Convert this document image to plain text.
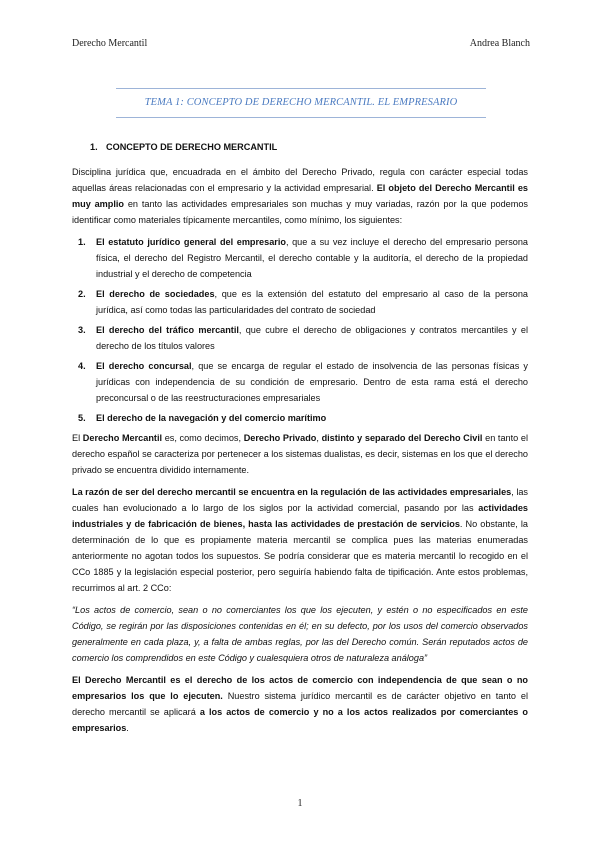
Derecho Mercantil	Andrea Blanch
TEMA 1: CONCEPTO DE DERECHO MERCANTIL. EL EMPRESARIO
1. CONCEPTO DE DERECHO MERCANTIL

Disciplina jurídica que, encuadrada en el ámbito del Derecho Privado, regula con carácter especial todas aquellas áreas relacionadas con el empresario y la actividad empresarial. El objeto del Derecho Mercantil es muy amplio en tanto las actividades empresariales son muchas y muy variadas, razón por la que podemos identificar como materiales típicamente mercantiles, como mínimo, los siguientes:

1. El estatuto jurídico general del empresario, que a su vez incluye el derecho del empresario persona física, el derecho del Registro Mercantil, el derecho contable y la auditoría, el derecho de la propiedad industrial y el derecho de competencia
2. El derecho de sociedades, que es la extensión del estatuto del empresario al caso de la persona jurídica, así como todas las particularidades del contrato de sociedad
3. El derecho del tráfico mercantil, que cubre el derecho de obligaciones y contratos mercantiles y el derecho de los títulos valores
4. El derecho concursal, que se encarga de regular el estado de insolvencia de las personas físicas y jurídicas con independencia de su condición de empresario. Dentro de esta rama está el derecho preconcursal o de las reestructuraciones empresariales
5. El derecho de la navegación y del comercio marítimo

El Derecho Mercantil es, como decimos, Derecho Privado, distinto y separado del Derecho Civil en tanto el derecho español se caracteriza por pertenecer a los sistemas dualistas, es decir, sistemas en los que el derecho privado se encuentra dividido internamente.

La razón de ser del derecho mercantil se encuentra en la regulación de las actividades empresariales, las cuales han evolucionado a lo largo de los siglos por la actividad comercial, pasando por las actividades industriales y de fabricación de bienes, hasta las actividades de prestación de servicios. No obstante, la determinación de lo que es propiamente materia mercantil se complica pues las materias enumeradas anteriormente no agotan todos los supuestos. Se podría considerar que es materia mercantil lo recogido en el CCo 1885 y la legislación especial posterior, pero seguiría habiendo falta de tipificación. Ante estos problemas, recurrimos al art. 2 CCo:

“Los actos de comercio, sean o no comerciantes los que los ejecuten, y estén o no especificados en este Código, se regirán por las disposiciones contenidas en él; en su defecto, por los usos del comercio observados generalmente en cada plaza, y, a falta de ambas reglas, por las del Derecho común. Serán reputados actos de comercio los comprendidos en este Código y cualesquiera otros de naturaleza análoga”

El Derecho Mercantil es el derecho de los actos de comercio con independencia de que sean o no empresarios los que lo ejecuten. Nuestro sistema jurídico mercantil es de carácter objetivo en tanto el derecho mercantil se aplicará a los actos de comercio y no a los actos realizados por comerciantes o empresarios.

1
